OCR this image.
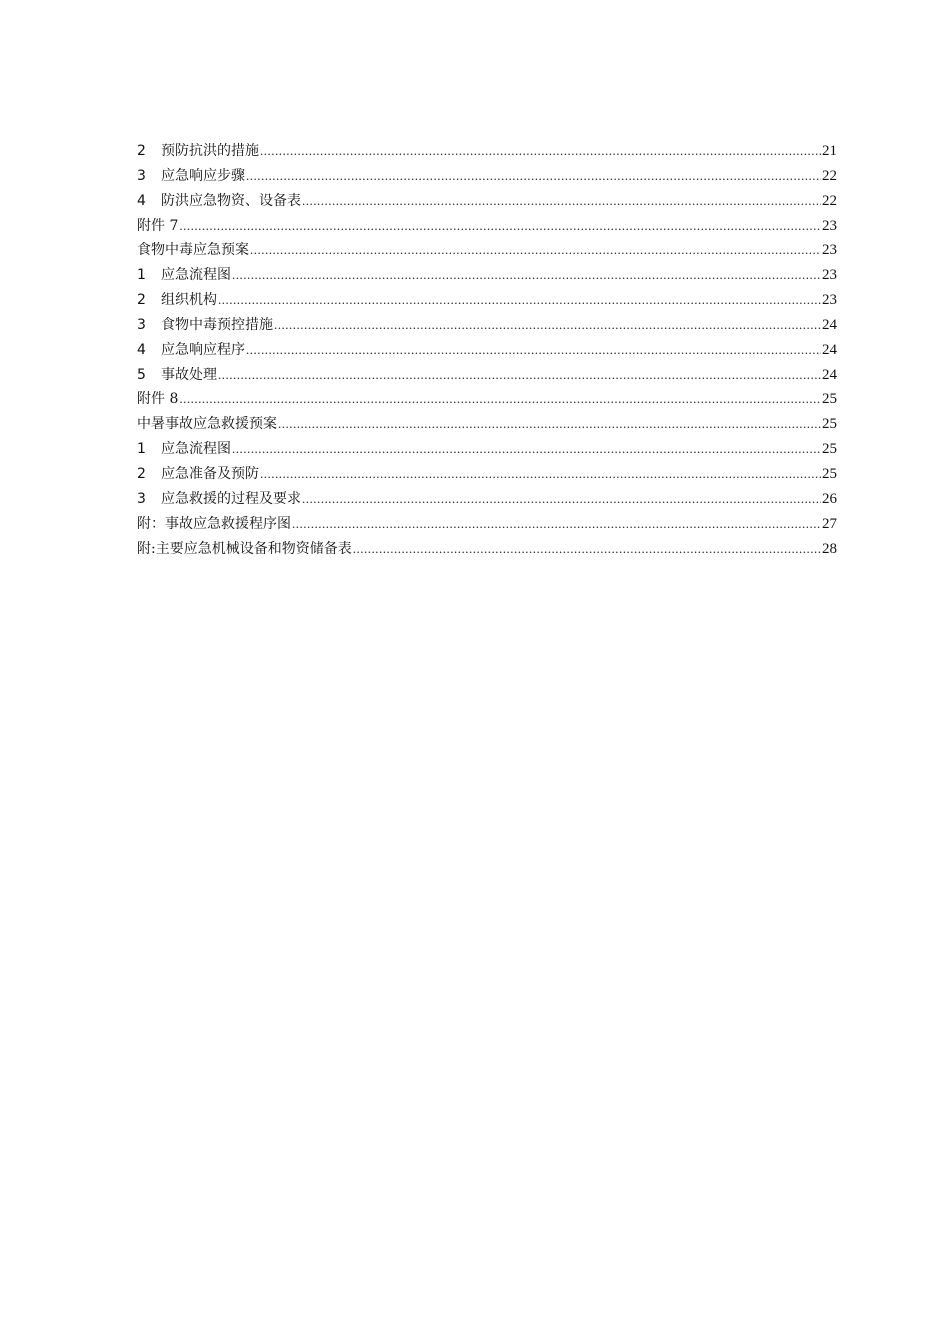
2	预防抗洪的措施 .....	21
3	应急响应步骤 .....	22
4	防洪应急物资、设备表 .....	22
附件 7 .....	23
食物中毒应急预案 .....	23
1	应急流程图 .....	23
2	组织机构 .....	23
3	食物中毒预控措施 .....	24
4	应急响应程序 .....	24
5	事故处理 .....	24
附件 8 .....	25
中暑事故应急救援预案 .....	25
1	应急流程图 .....	25
2	应急准备及预防 .....	25
3	应急救援的过程及要求 .....	26
附：事故应急救援程序图 .....	27
附:主要应急机械设备和物资储备表 .....	28
